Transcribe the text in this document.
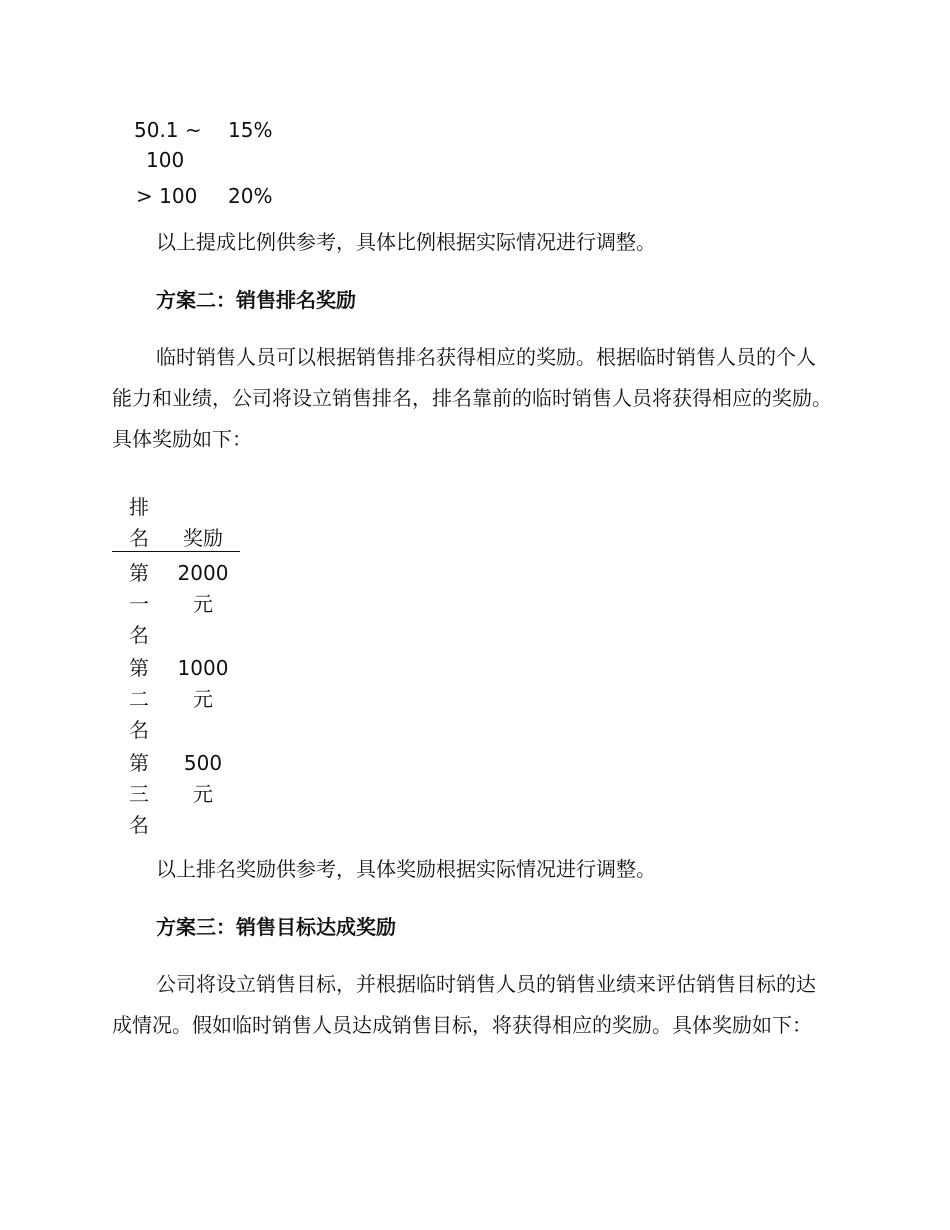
50.1 ~
100
15%
> 100 20%
以上提成比例供参考，具体比例根据实际情况进行调整。
方案二：销售排名奖励
临时销售人员可以根据销售排名获得相应的奖励。根据临时销售人员的个人能力和业绩，公司将设立销售排名，排名靠前的临时销售人员将获得相应的奖励。具体奖励如下：
排
名	奖励
第
一
名
2000
元
第
二
名
1000
元
第
三
名
500
元
以上排名奖励供参考，具体奖励根据实际情况进行调整。
方案三：销售目标达成奖励
公司将设立销售目标，并根据临时销售人员的销售业绩来评估销售目标的达成情况。假如临时销售人员达成销售目标，将获得相应的奖励。具体奖励如下：
